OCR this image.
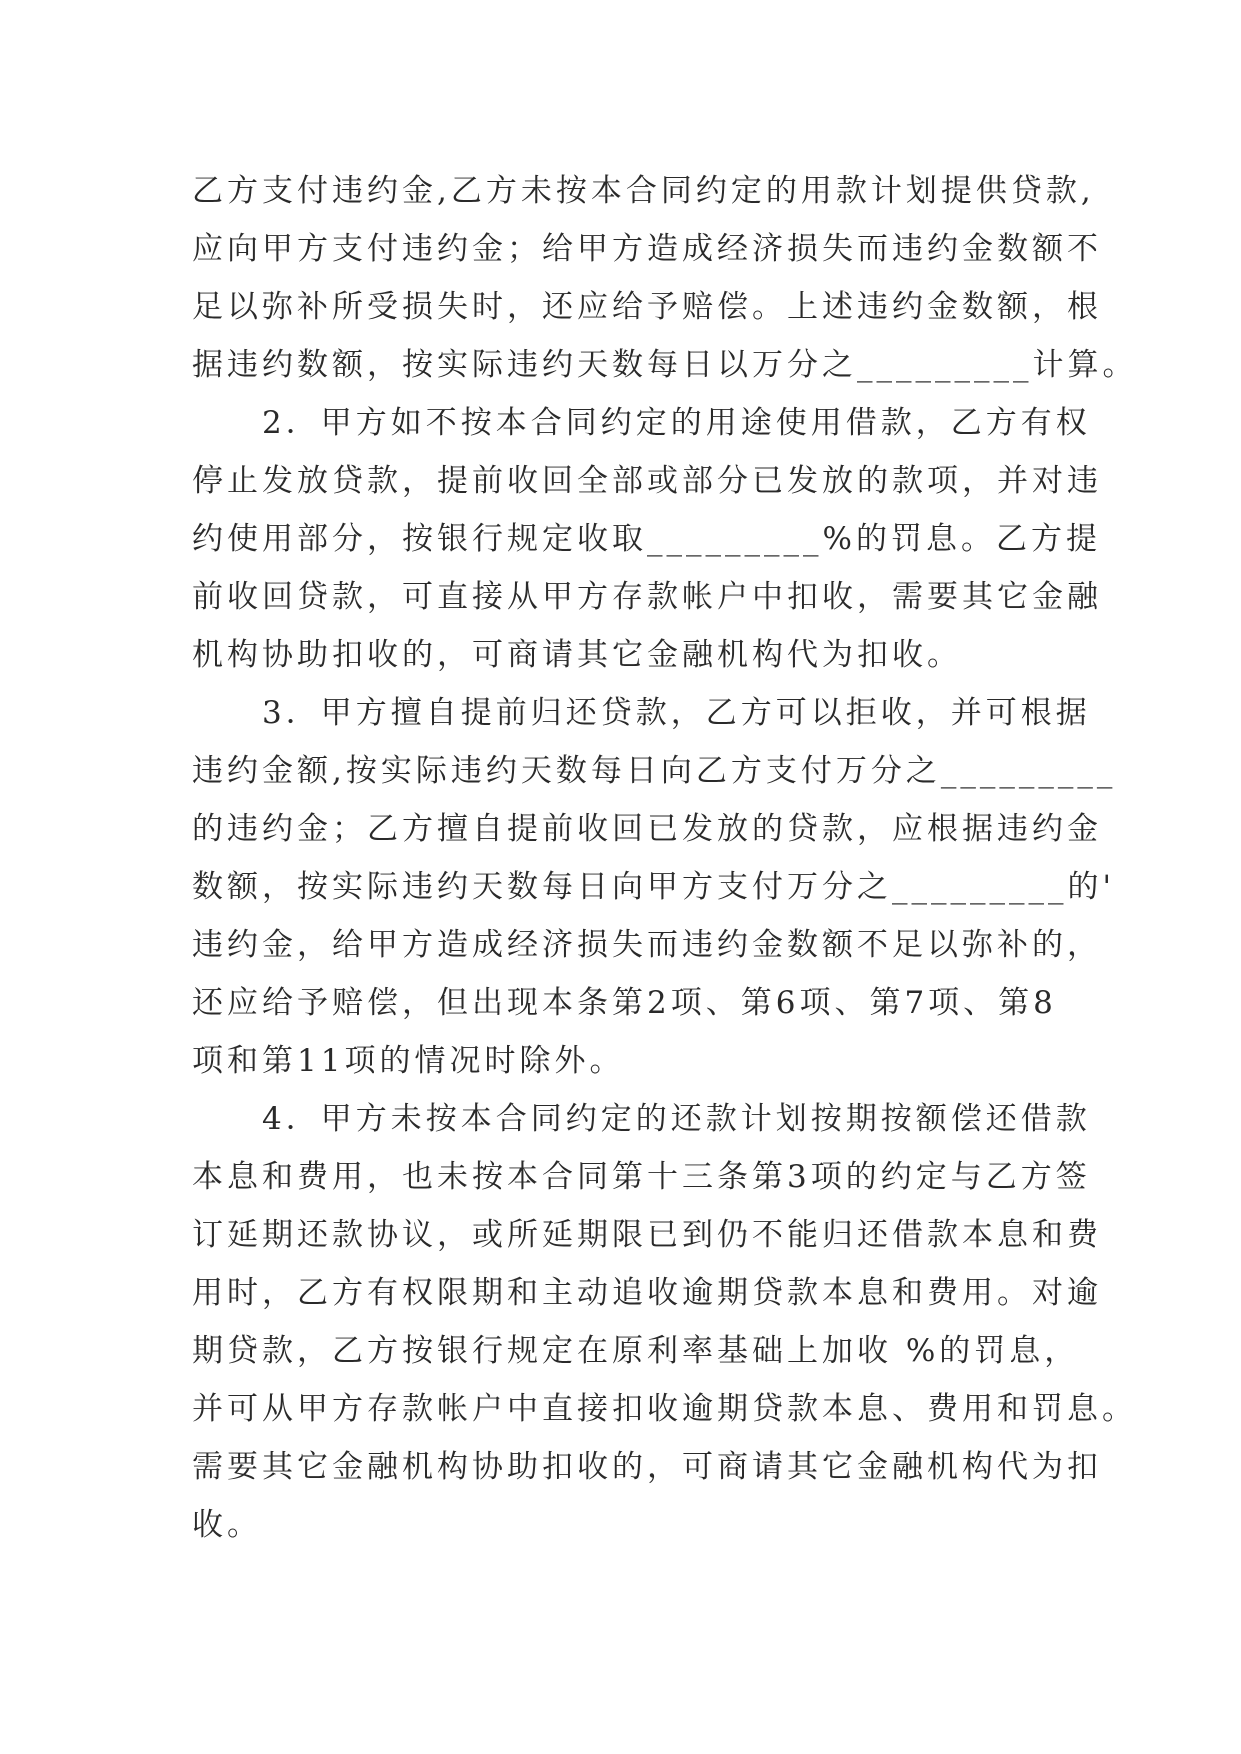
乙方支付违约金,乙方未按本合同约定的用款计划提供贷款,
应向甲方支付违约金；给甲方造成经济损失而违约金数额不
足以弥补所受损失时，还应给予赔偿。上述违约金数额，根
据违约数额，按实际违约天数每日以万分之_________计算。
　　2．甲方如不按本合同约定的用途使用借款，乙方有权
停止发放贷款，提前收回全部或部分已发放的款项，并对违
约使用部分，按银行规定收取_________%的罚息。乙方提
前收回贷款，可直接从甲方存款帐户中扣收，需要其它金融
机构协助扣收的，可商请其它金融机构代为扣收。
　　3．甲方擅自提前归还贷款，乙方可以拒收，并可根据
违约金额,按实际违约天数每日向乙方支付万分之_________
的违约金；乙方擅自提前收回已发放的贷款，应根据违约金
数额，按实际违约天数每日向甲方支付万分之_________的'
违约金，给甲方造成经济损失而违约金数额不足以弥补的，
还应给予赔偿，但出现本条第2项、第6项、第7项、第8
项和第11项的情况时除外。
　　4．甲方未按本合同约定的还款计划按期按额偿还借款
本息和费用，也未按本合同第十三条第3项的约定与乙方签
订延期还款协议，或所延期限已到仍不能归还借款本息和费
用时，乙方有权限期和主动追收逾期贷款本息和费用。对逾
期贷款，乙方按银行规定在原利率基础上加收 %的罚息，
并可从甲方存款帐户中直接扣收逾期贷款本息、费用和罚息。
需要其它金融机构协助扣收的，可商请其它金融机构代为扣
收。
